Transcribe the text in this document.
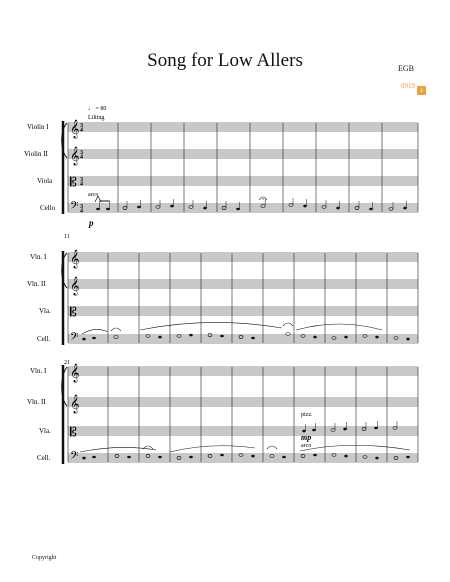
Song for Low Allers	EGB
0919 ♪
♩ = 80
Lilting
Violin I
Violin II
Viola
Cello
𝄞
𝄞
𝄡
𝄢
3
4
3
4
3
4
3
4
arco
p
11
Vln. I
Vln. II
Vla.
Cell.
𝄞
𝄞
𝄡
𝄢
21
Vln. I
Vln. II
Vla.
Cell.
𝄞
𝄞
𝄡
𝄢
pizz.
mp
arco
Copyright
